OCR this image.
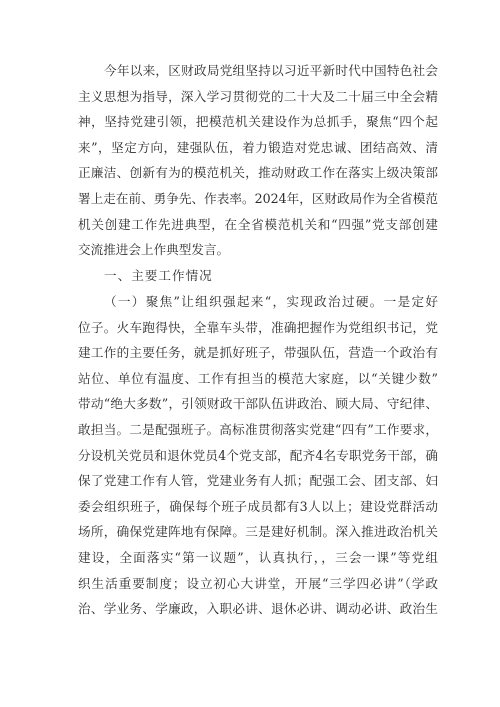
今年以来，区财政局党组坚持以习近平新时代中国特色社会
主义思想为指导，深入学习贯彻党的二十大及二十届三中全会精
神，坚持党建引领，把模范机关建设作为总抓手，聚焦“四个起
来”，坚定方向，建强队伍，着力锻造对党忠诚、团结高效、清
正廉洁、创新有为的模范机关，推动财政工作在落实上级决策部
署上走在前、勇争先、作表率。2024年，区财政局作为全省模范
机关创建工作先进典型，在全省模范机关和“四强”党支部创建
交流推进会上作典型发言。
一、主要工作情况
（一）聚焦”让组织强起来“，实现政治过硬。一是定好
位子。火车跑得快，全靠车头带，准确把握作为党组织书记，党
建工作的主要任务，就是抓好班子，带强队伍，营造一个政治有
站位、单位有温度、工作有担当的模范大家庭，以“关键少数”
带动“绝大多数”，引领财政干部队伍讲政治、顾大局、守纪律、
敢担当。二是配强班子。高标准贯彻落实党建“四有”工作要求，
分设机关党员和退休党员4个党支部，配齐4名专职党务干部，确
保了党建工作有人管，党建业务有人抓；配强工会、团支部、妇
委会组织班子，确保每个班子成员都有3人以上；建设党群活动
场所，确保党建阵地有保障。三是建好机制。深入推进政治机关
建设，全面落实“第一议题”，认真执行，，三会一课”等党组
织生活重要制度；设立初心大讲堂，开展“三学四必讲”（学政
治、学业务、学廉政，入职必讲、退休必讲、调动必讲、政治生
